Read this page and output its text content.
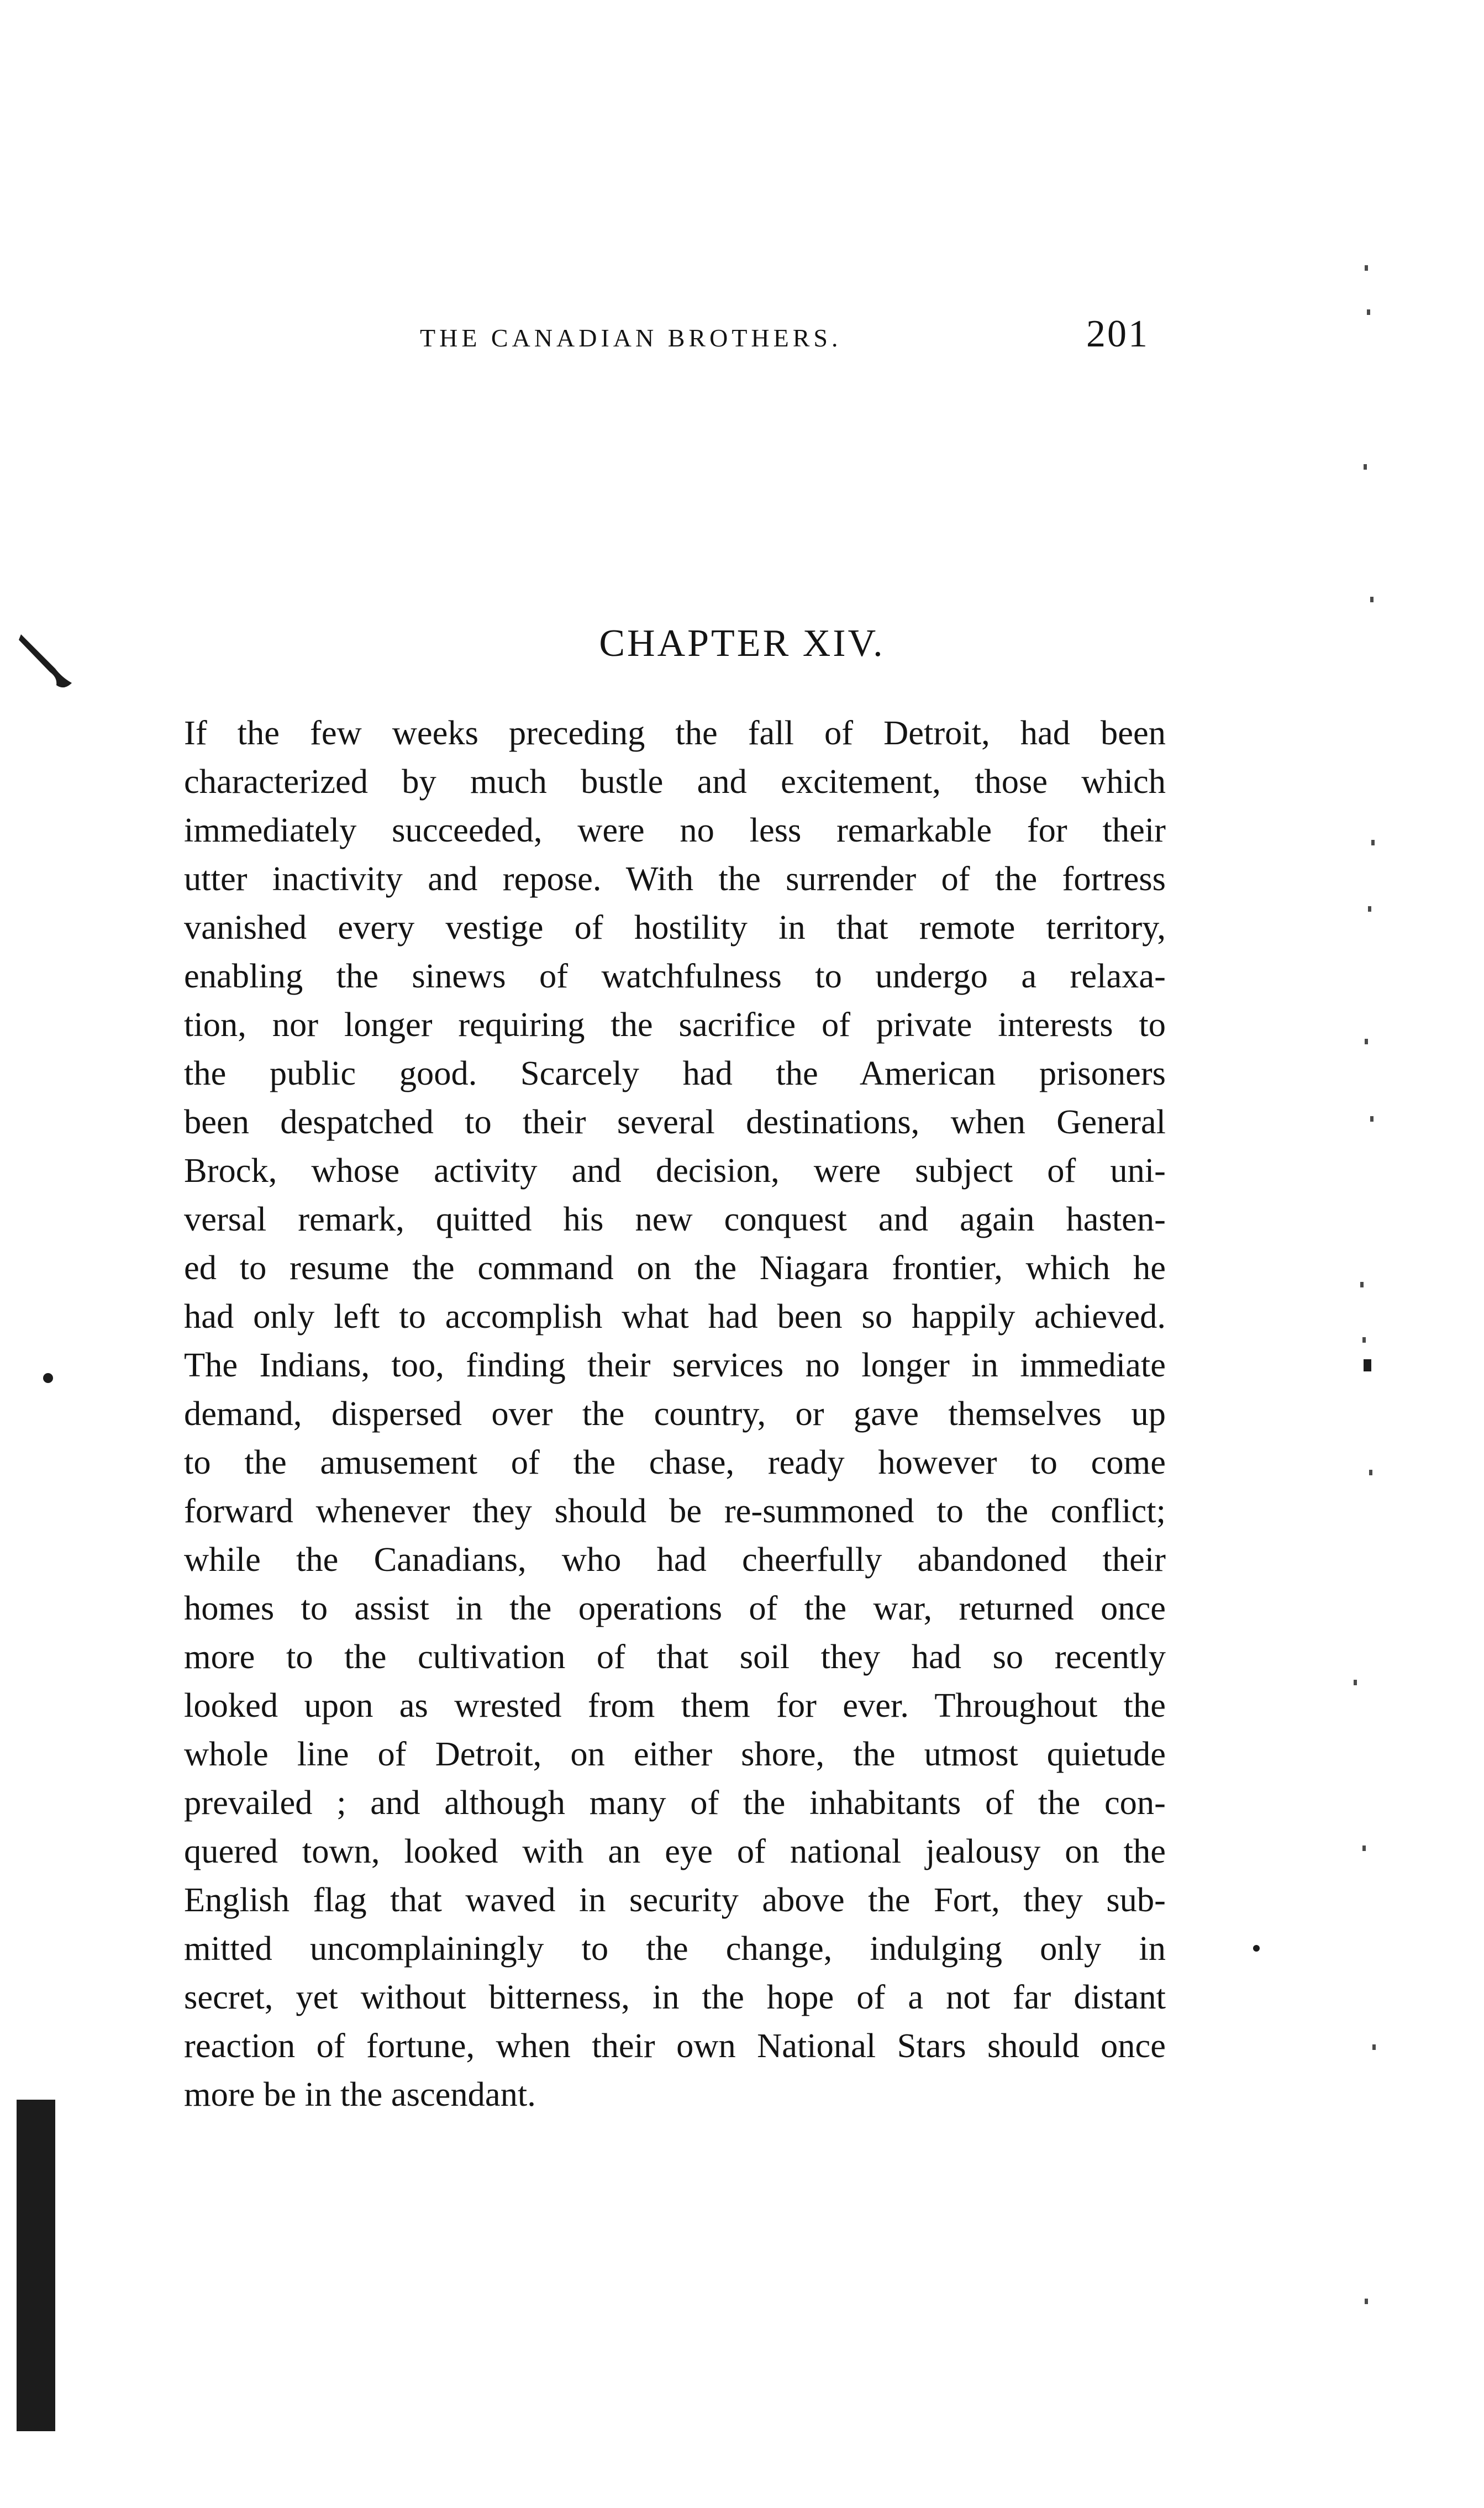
THE CANADIAN BROTHERS.	201
CHAPTER XIV.
If the few weeks preceding the fall of Detroit, had been
characterized by much bustle and excitement, those which
immediately succeeded, were no less remarkable for their
utter inactivity and repose. With the surrender of the fortress
vanished every vestige of hostility in that remote territory,
enabling the sinews of watchfulness to undergo a relaxa-
tion, nor longer requiring the sacrifice of private interests to
the public good. Scarcely had the American prisoners
been despatched to their several destinations, when General
Brock, whose activity and decision, were subject of uni-
versal remark, quitted his new conquest and again hasten-
ed to resume the command on the Niagara frontier, which he
had only left to accomplish what had been so happily achieved.
The Indians, too, finding their services no longer in immediate
demand, dispersed over the country, or gave themselves up
to the amusement of the chase, ready however to come
forward whenever they should be re-summoned to the conflict;
while the Canadians, who had cheerfully abandoned their
homes to assist in the operations of the war, returned once
more to the cultivation of that soil they had so recently
looked upon as wrested from them for ever. Throughout the
whole line of Detroit, on either shore, the utmost quietude
prevailed ; and although many of the inhabitants of the con-
quered town, looked with an eye of national jealousy on the
English flag that waved in security above the Fort, they sub-
mitted uncomplainingly to the change, indulging only in
secret, yet without bitterness, in the hope of a not far distant
reaction of fortune, when their own National Stars should once
more be in the ascendant.
